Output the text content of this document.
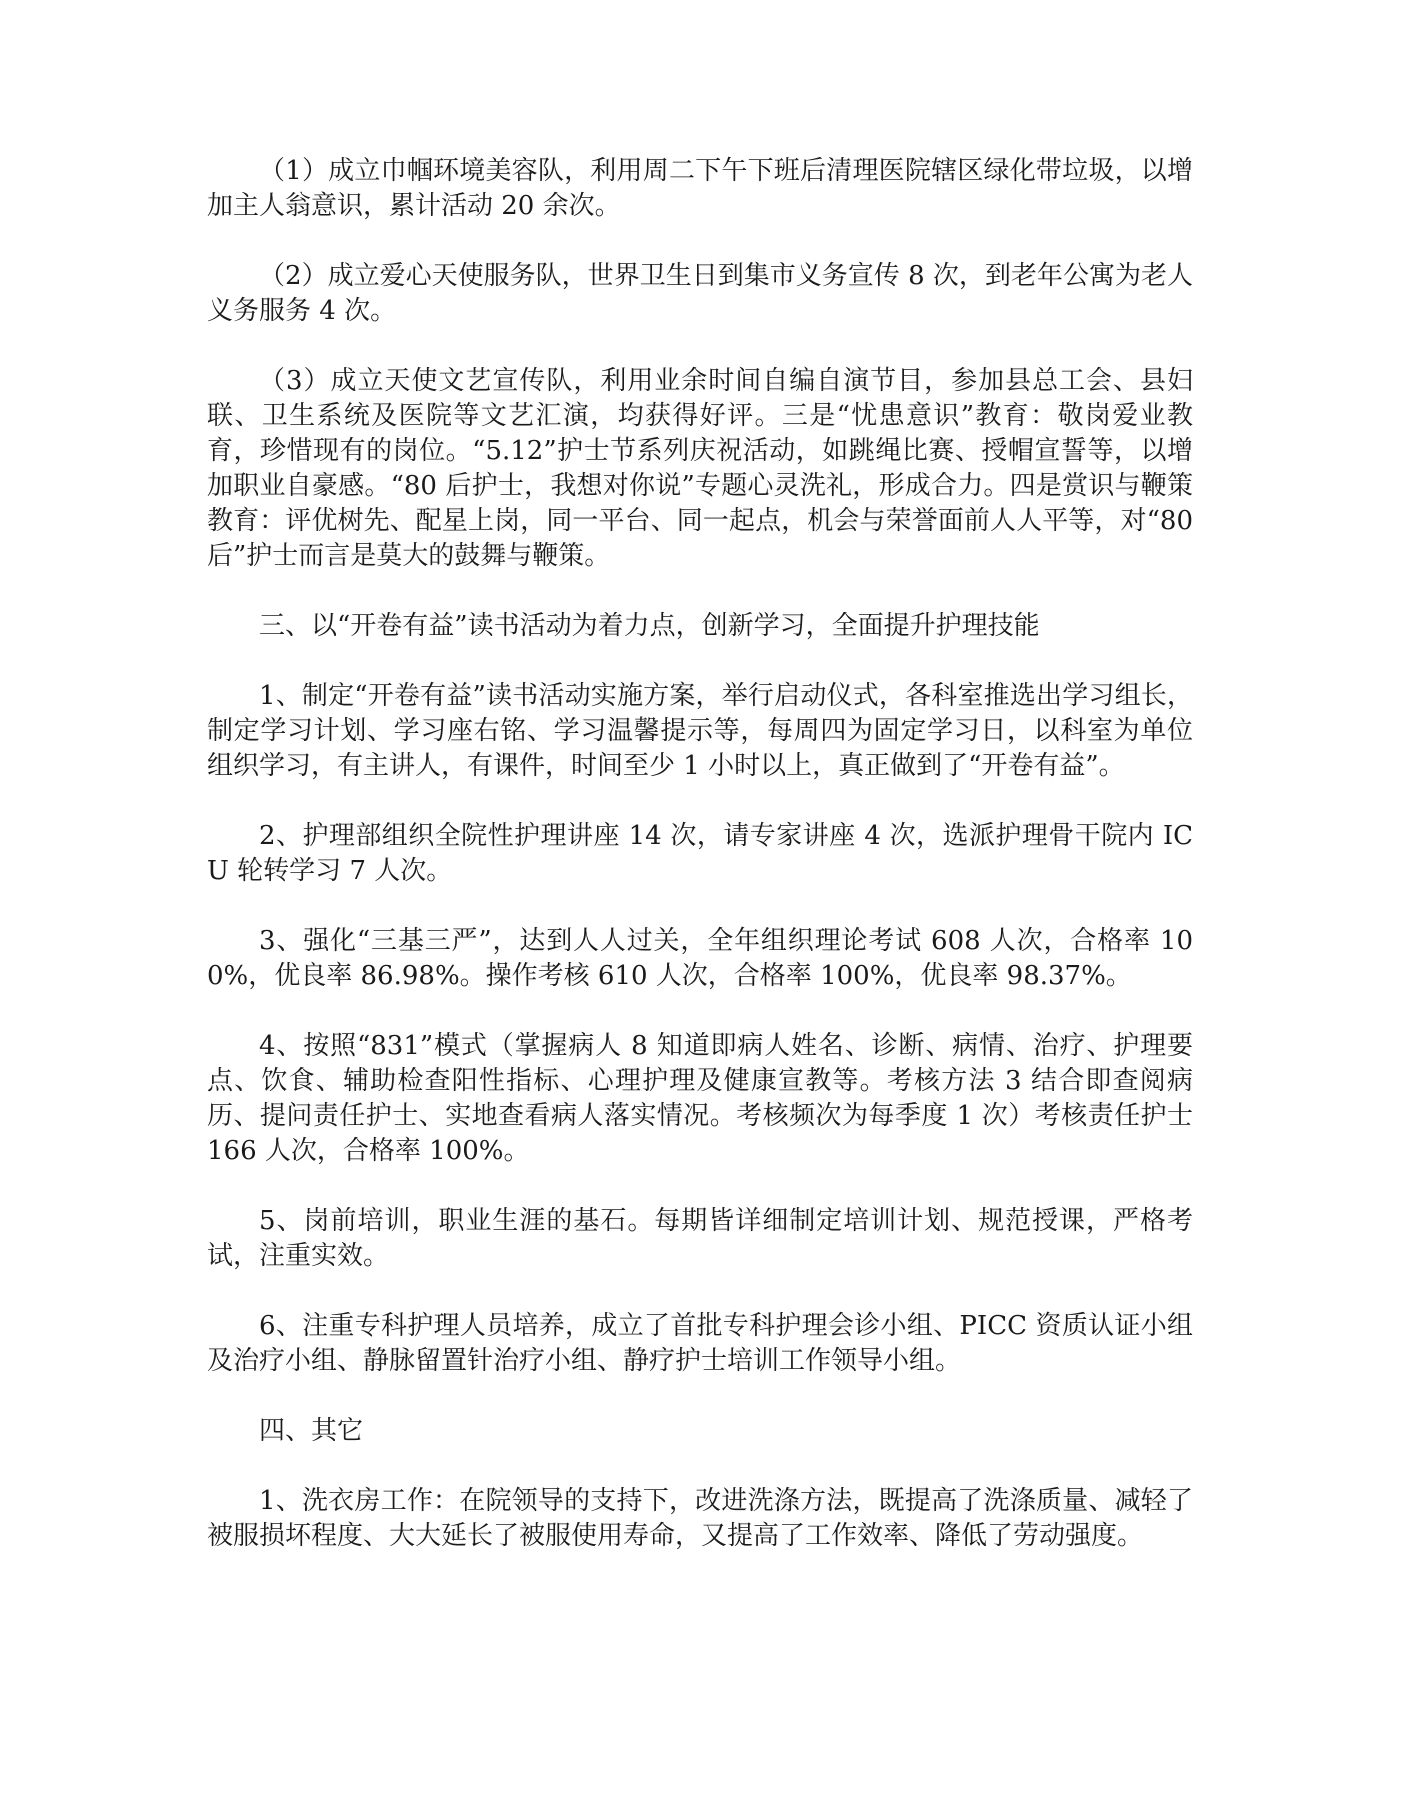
（1）成立巾帼环境美容队，利用周二下午下班后清理医院辖区绿化带垃圾，以增加主人翁意识，累计活动 20 余次。

（2）成立爱心天使服务队，世界卫生日到集市义务宣传 8 次，到老年公寓为老人义务服务 4 次。

（3）成立天使文艺宣传队，利用业余时间自编自演节目，参加县总工会、县妇联、卫生系统及医院等文艺汇演，均获得好评。三是“忧患意识”教育：敬岗爱业教育，珍惜现有的岗位。“5.12”护士节系列庆祝活动，如跳绳比赛、授帽宣誓等，以增加职业自豪感。“80 后护士，我想对你说”专题心灵洗礼，形成合力。四是赏识与鞭策教育：评优树先、配星上岗，同一平台、同一起点，机会与荣誉面前人人平等，对“80 后”护士而言是莫大的鼓舞与鞭策。

三、以“开卷有益”读书活动为着力点，创新学习，全面提升护理技能

1、制定“开卷有益”读书活动实施方案，举行启动仪式，各科室推选出学习组长，制定学习计划、学习座右铭、学习温馨提示等，每周四为固定学习日，以科室为单位组织学习，有主讲人，有课件，时间至少 1 小时以上，真正做到了“开卷有益”。

2、护理部组织全院性护理讲座 14 次，请专家讲座 4 次，选派护理骨干院内 ICU 轮转学习 7 人次。

3、强化“三基三严”，达到人人过关，全年组织理论考试 608 人次，合格率 100%，优良率 86.98%。操作考核 610 人次，合格率 100%，优良率 98.37%。

4、按照“831”模式（掌握病人 8 知道即病人姓名、诊断、病情、治疗、护理要点、饮食、辅助检查阳性指标、心理护理及健康宣教等。考核方法 3 结合即查阅病历、提问责任护士、实地查看病人落实情况。考核频次为每季度 1 次）考核责任护士 166 人次，合格率 100%。

5、岗前培训，职业生涯的基石。每期皆详细制定培训计划、规范授课，严格考试，注重实效。

6、注重专科护理人员培养，成立了首批专科护理会诊小组、PICC 资质认证小组及治疗小组、静脉留置针治疗小组、静疗护士培训工作领导小组。

四、其它

1、洗衣房工作：在院领导的支持下，改进洗涤方法，既提高了洗涤质量、减轻了被服损坏程度、大大延长了被服使用寿命，又提高了工作效率、降低了劳动强度。
